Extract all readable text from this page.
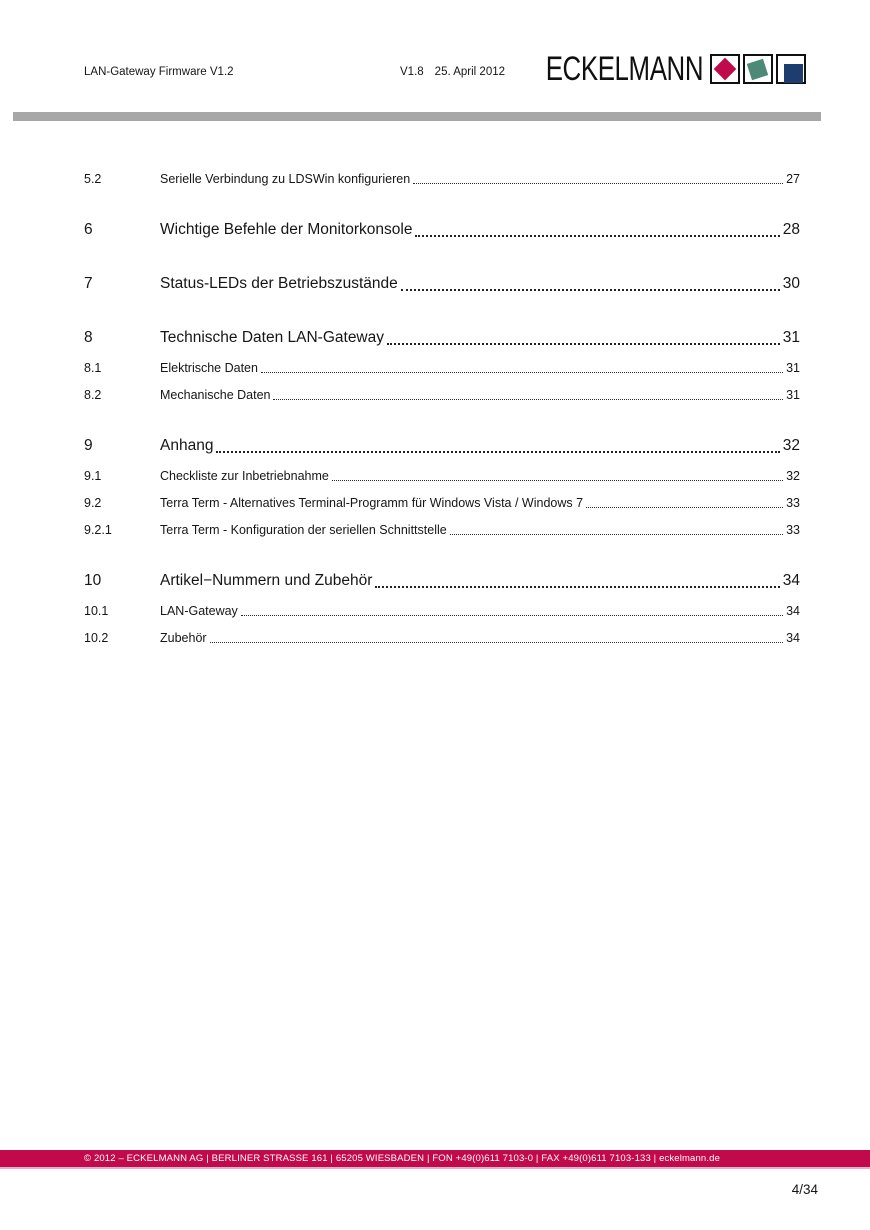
LAN-Gateway Firmware V1.2	V1.8 25. April 2012 ECKELMANN
5.2	Serielle Verbindung zu LDSWin konfigurieren	27
6	Wichtige Befehle der Monitorkonsole	28
7	Status-LEDs der Betriebszustände	30
8	Technische Daten LAN-Gateway	31
8.1	Elektrische Daten	31
8.2	Mechanische Daten	31
9	Anhang	32
9.1	Checkliste zur Inbetriebnahme	32
9.2	Terra Term - Alternatives Terminal-Programm für Windows Vista / Windows 7	33
9.2.1	Terra Term - Konfiguration der seriellen Schnittstelle	33
10	Artikel−Nummern und Zubehör	34
10.1	LAN-Gateway	34
10.2	Zubehör	34
© 2012 – ECKELMANN AG | BERLINER STRASSE 161 | 65205 WIESBADEN | FON +49(0)611 7103-0 | FAX +49(0)611 7103-133 | eckelmann.de
4/34
